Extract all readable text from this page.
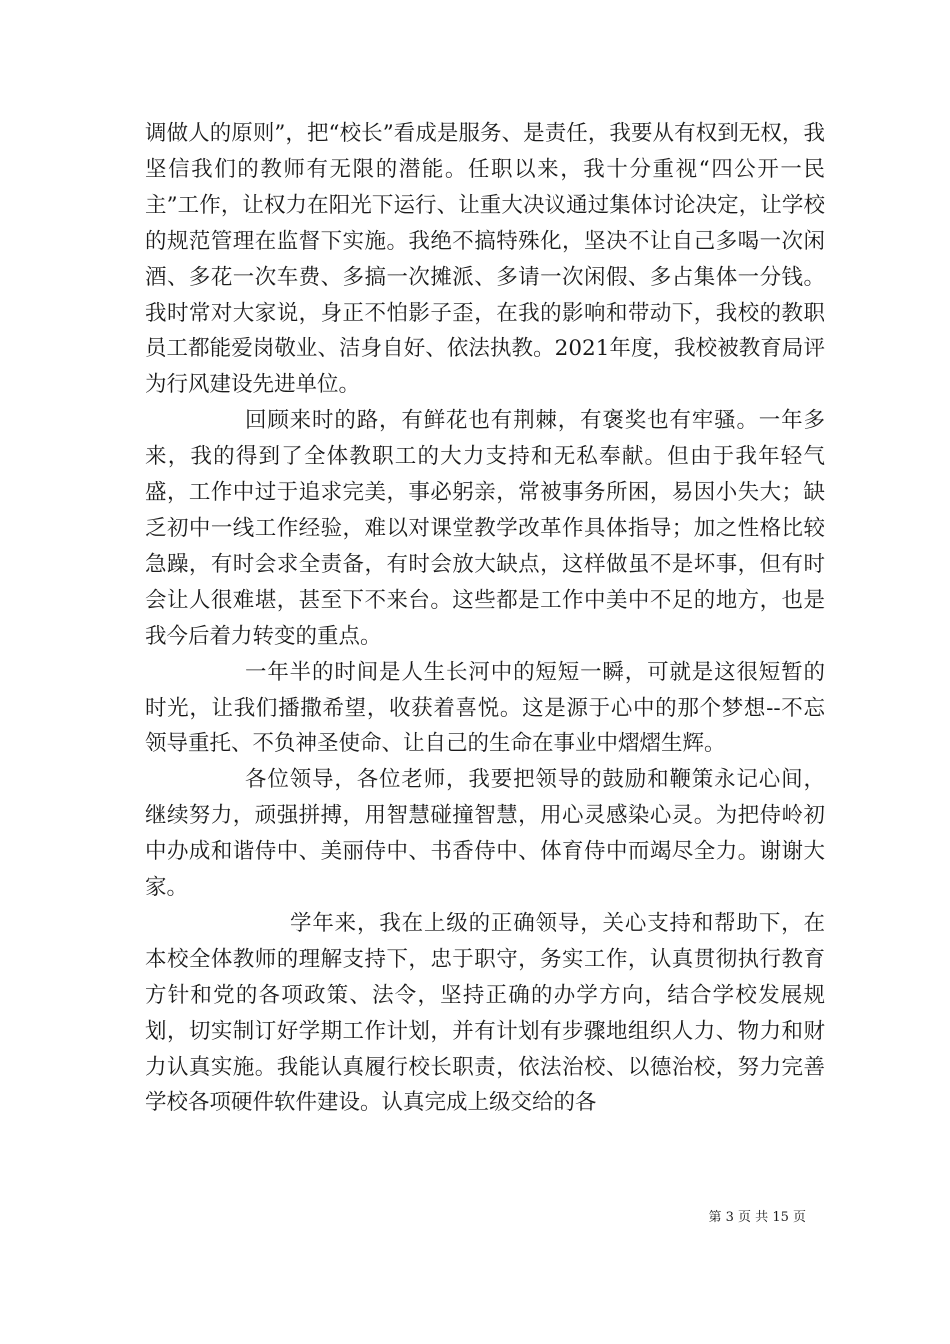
调做人的原则”，把“校长”看成是服务、是责任，我要从有权到无权，我坚信我们的教师有无限的潜能。任职以来，我十分重视“四公开一民主”工作，让权力在阳光下运行、让重大决议通过集体讨论决定，让学校的规范管理在监督下实施。我绝不搞特殊化，坚决不让自己多喝一次闲酒、多花一次车费、多搞一次摊派、多请一次闲假、多占集体一分钱。我时常对大家说，身正不怕影子歪，在我的影响和带动下，我校的教职员工都能爱岗敬业、洁身自好、依法执教。2021年度，我校被教育局评为行风建设先进单位。

回顾来时的路，有鲜花也有荆棘，有褒奖也有牢骚。一年多来，我的得到了全体教职工的大力支持和无私奉献。但由于我年轻气盛，工作中过于追求完美，事必躬亲，常被事务所困，易因小失大；缺乏初中一线工作经验，难以对课堂教学改革作具体指导；加之性格比较急躁，有时会求全责备，有时会放大缺点，这样做虽不是坏事，但有时会让人很难堪，甚至下不来台。这些都是工作中美中不足的地方，也是我今后着力转变的重点。

一年半的时间是人生长河中的短短一瞬，可就是这很短暂的时光，让我们播撒希望，收获着喜悦。这是源于心中的那个梦想--不忘领导重托、不负神圣使命、让自己的生命在事业中熠熠生辉。

各位领导，各位老师，我要把领导的鼓励和鞭策永记心间，继续努力，顽强拼搏，用智慧碰撞智慧，用心灵感染心灵。为把侍岭初中办成和谐侍中、美丽侍中、书香侍中、体育侍中而竭尽全力。谢谢大家。

学年来，我在上级的正确领导，关心支持和帮助下，在本校全体教师的理解支持下，忠于职守，务实工作，认真贯彻执行教育方针和党的各项政策、法令，坚持正确的办学方向，结合学校发展规划，切实制订好学期工作计划，并有计划有步骤地组织人力、物力和财力认真实施。我能认真履行校长职责，依法治校、以德治校，努力完善学校各项硬件软件建设。认真完成上级交给的各

第 3 页 共 15 页
